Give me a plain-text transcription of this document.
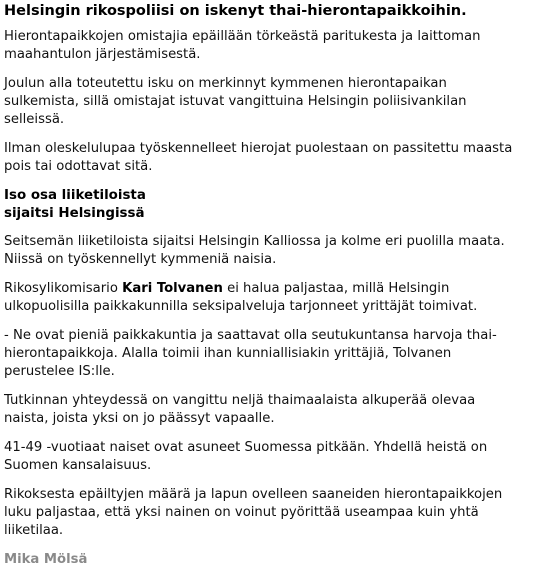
Helsingin rikospoliisi on iskenyt thai-hierontapaikkoihin.

Hierontapaikkojen omistajia epäillään törkeästä paritukesta ja laittoman
maahantulon järjestämisestä.

Joulun alla toteutettu isku on merkinnyt kymmenen hierontapaikan
sulkemista, sillä omistajat istuvat vangittuina Helsingin poliisivankilan
selleissä.

Ilman oleskelulupaa työskennelleet hierojat puolestaan on passitettu maasta
pois tai odottavat sitä.

Iso osa liiketiloista
sijaitsi Helsingissä

Seitsemän liiketiloista sijaitsi Helsingin Kalliossa ja kolme eri puolilla maata.
Niissä on työskennellyt kymmeniä naisia.

Rikosylikomisario Kari Tolvanen ei halua paljastaa, millä Helsingin
ulkopuolisilla paikkakunnilla seksipalveluja tarjonneet yrittäjät toimivat.

- Ne ovat pieniä paikkakuntia ja saattavat olla seutukuntansa harvoja thai-
hierontapaikkoja. Alalla toimii ihan kunniallisiakin yrittäjiä, Tolvanen
perustelee IS:lle.

Tutkinnan yhteydessä on vangittu neljä thaimaalaista alkuperää olevaa
naista, joista yksi on jo päässyt vapaalle.

41-49 -vuotiaat naiset ovat asuneet Suomessa pitkään. Yhdellä heistä on
Suomen kansalaisuus.

Rikoksesta epäiltyjen määrä ja lapun ovelleen saaneiden hierontapaikkojen
luku paljastaa, että yksi nainen on voinut pyörittää useampaa kuin yhtä
liiketilaa.

Mika Mölsä
